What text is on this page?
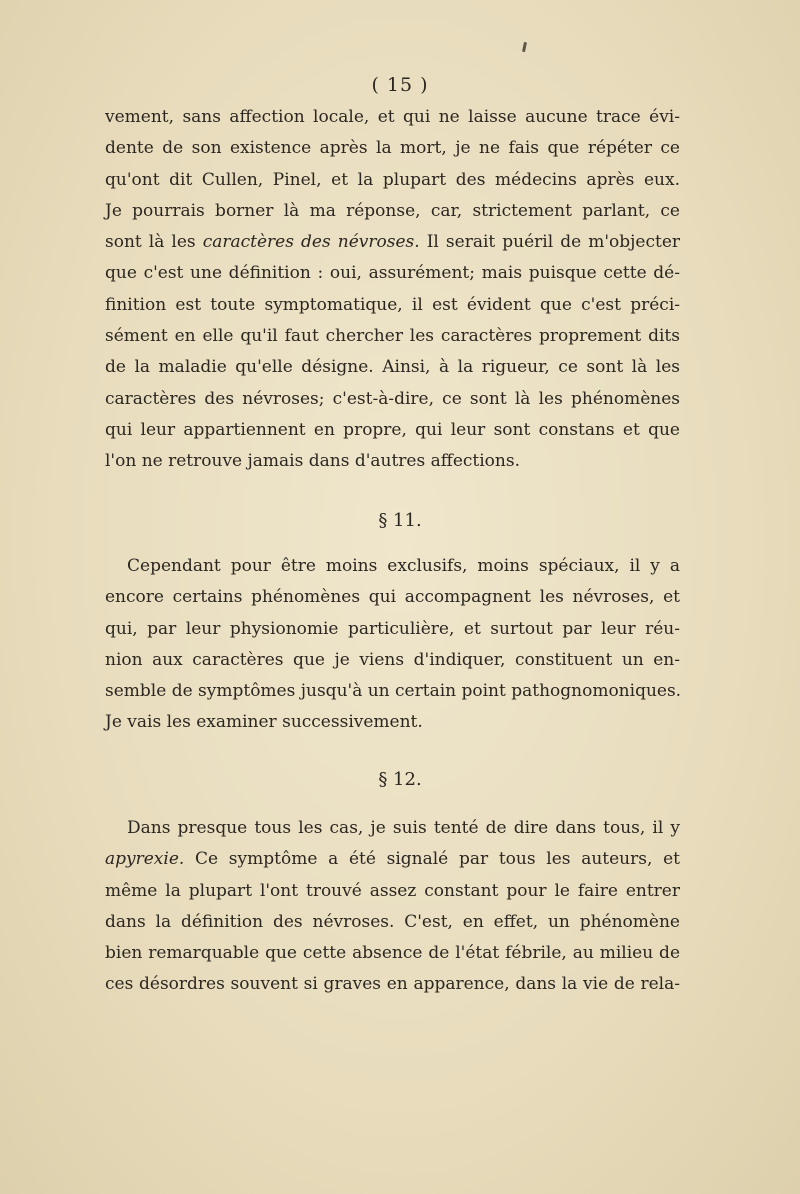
( 15 )
vement, sans affection locale, et qui ne laisse aucune trace évi-
dente de son existence après la mort, je ne fais que répéter ce
qu'ont dit Cullen, Pinel, et la plupart des médecins après eux.
Je pourrais borner là ma réponse, car, strictement parlant, ce
sont là les caractères des névroses. Il serait puéril de m'objecter
que c'est une définition : oui, assurément; mais puisque cette dé-
finition est toute symptomatique, il est évident que c'est préci-
sément en elle qu'il faut chercher les caractères proprement dits
de la maladie qu'elle désigne. Ainsi, à la rigueur, ce sont là les
caractères des névroses; c'est-à-dire, ce sont là les phénomènes
qui leur appartiennent en propre, qui leur sont constans et que
l'on ne retrouve jamais dans d'autres affections.
§ 11.
Cependant pour être moins exclusifs, moins spéciaux, il y a
encore certains phénomènes qui accompagnent les névroses, et
qui, par leur physionomie particulière, et surtout par leur réu-
nion aux caractères que je viens d'indiquer, constituent un en-
semble de symptômes jusqu'à un certain point pathognomoniques.
Je vais les examiner successivement.
§ 12.
Dans presque tous les cas, je suis tenté de dire dans tous, il y
apyrexie. Ce symptôme a été signalé par tous les auteurs, et
même la plupart l'ont trouvé assez constant pour le faire entrer
dans la définition des névroses. C'est, en effet, un phénomène
bien remarquable que cette absence de l'état fébrile, au milieu de
ces désordres souvent si graves en apparence, dans la vie de rela-
